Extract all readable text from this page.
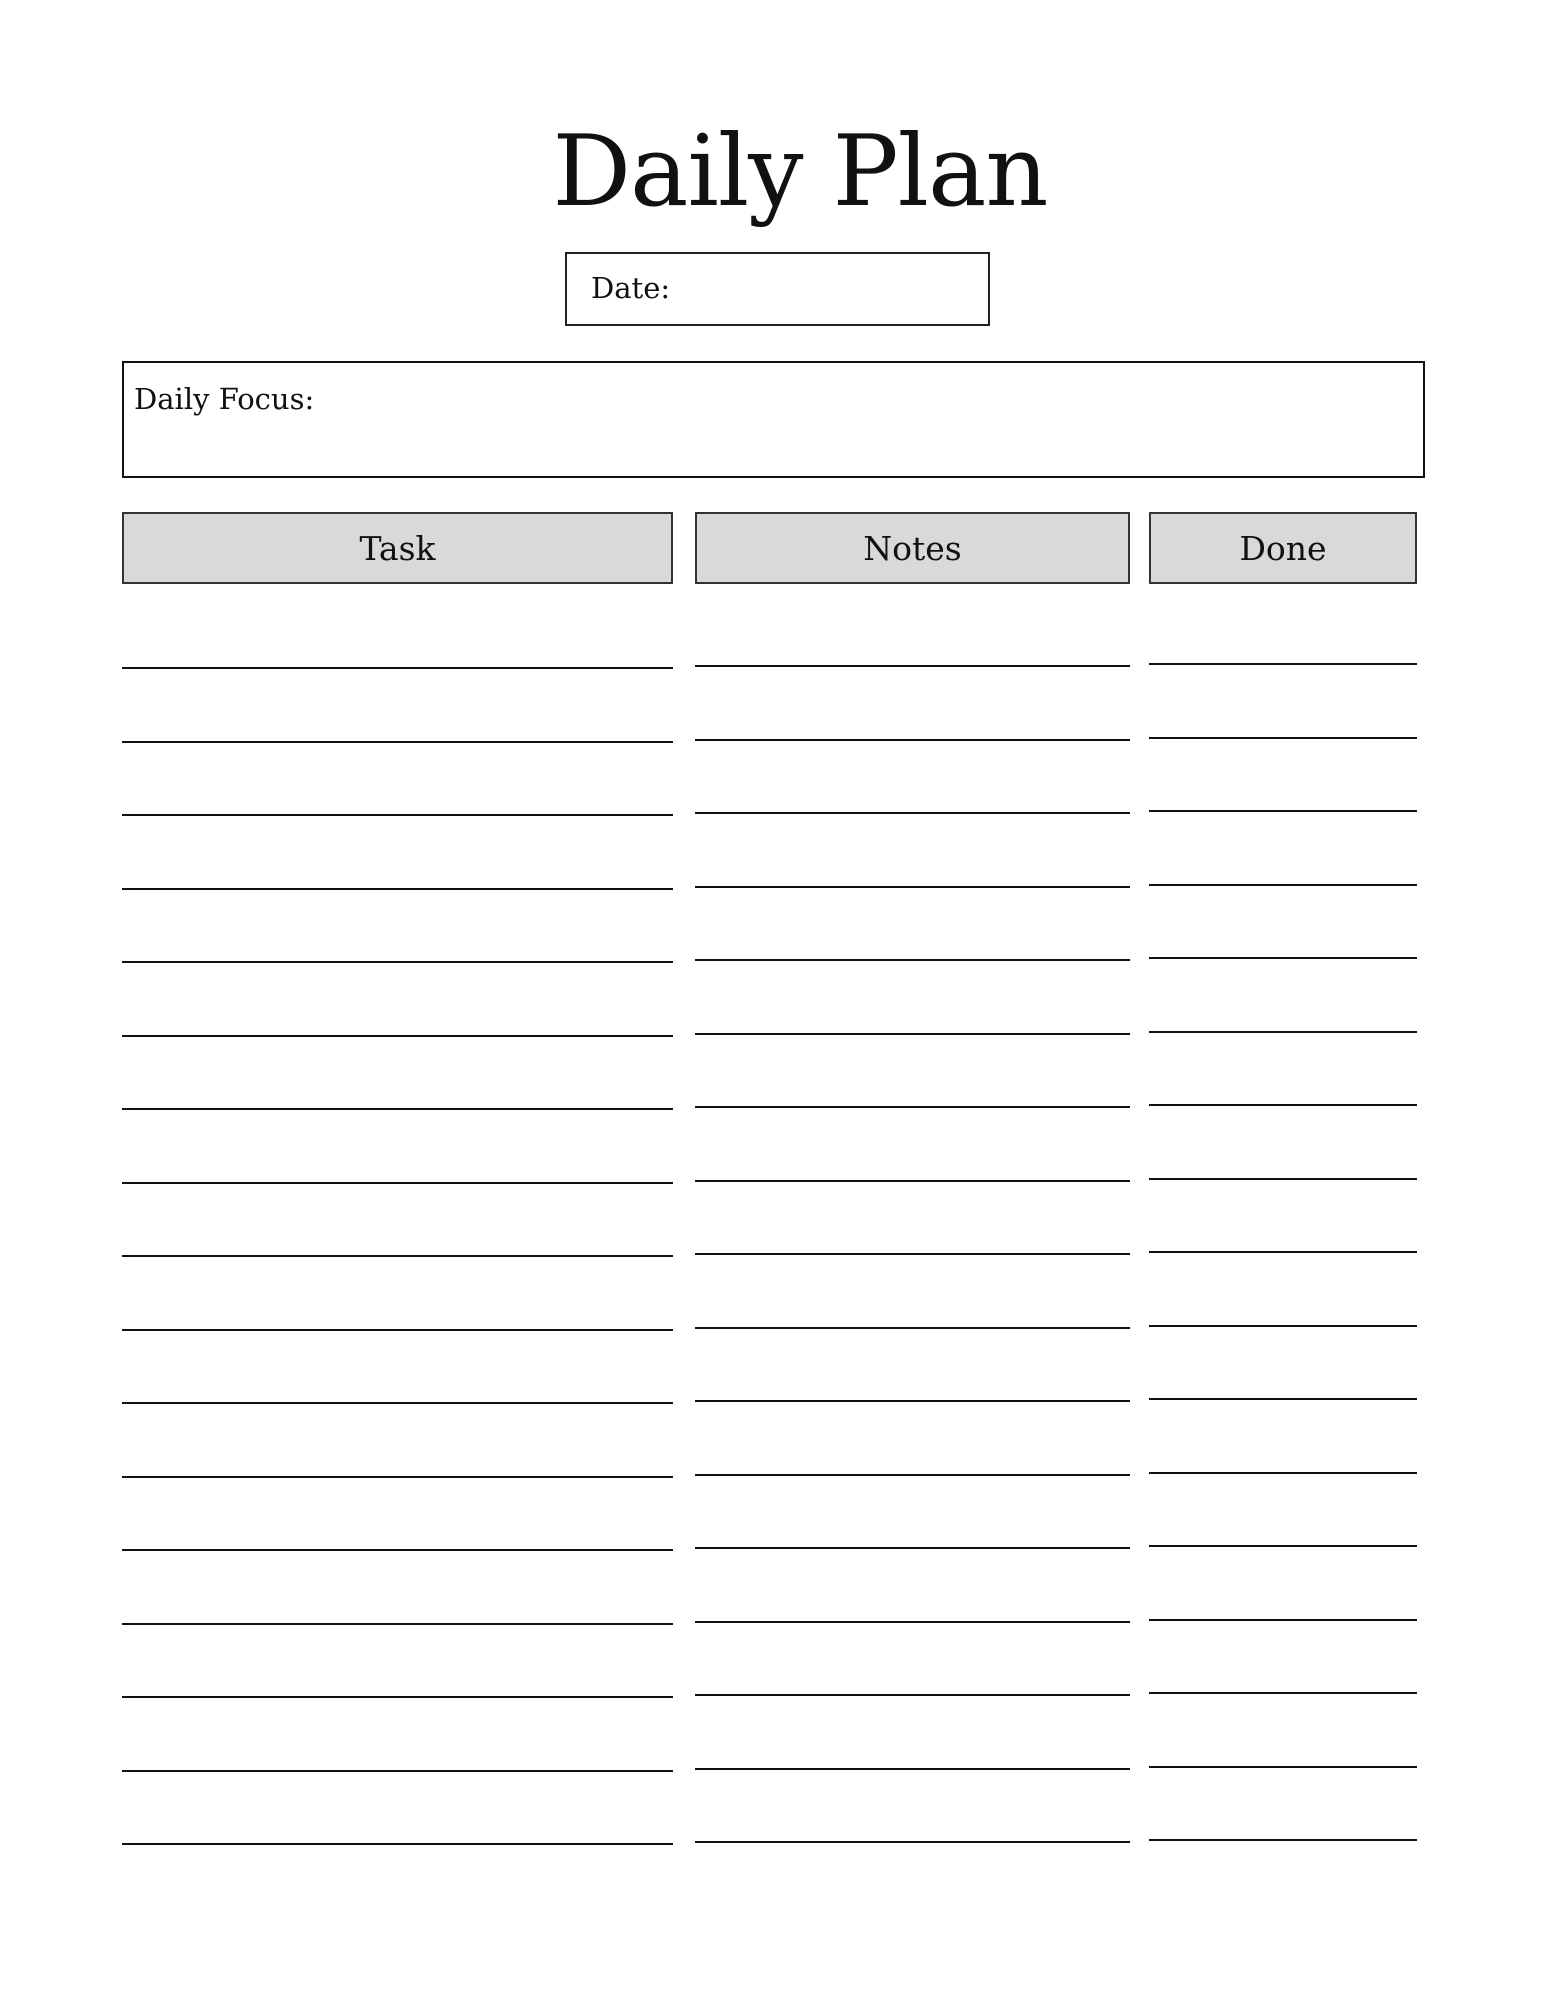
Daily Plan
Date:
Daily Focus:
Task	Notes	Done
